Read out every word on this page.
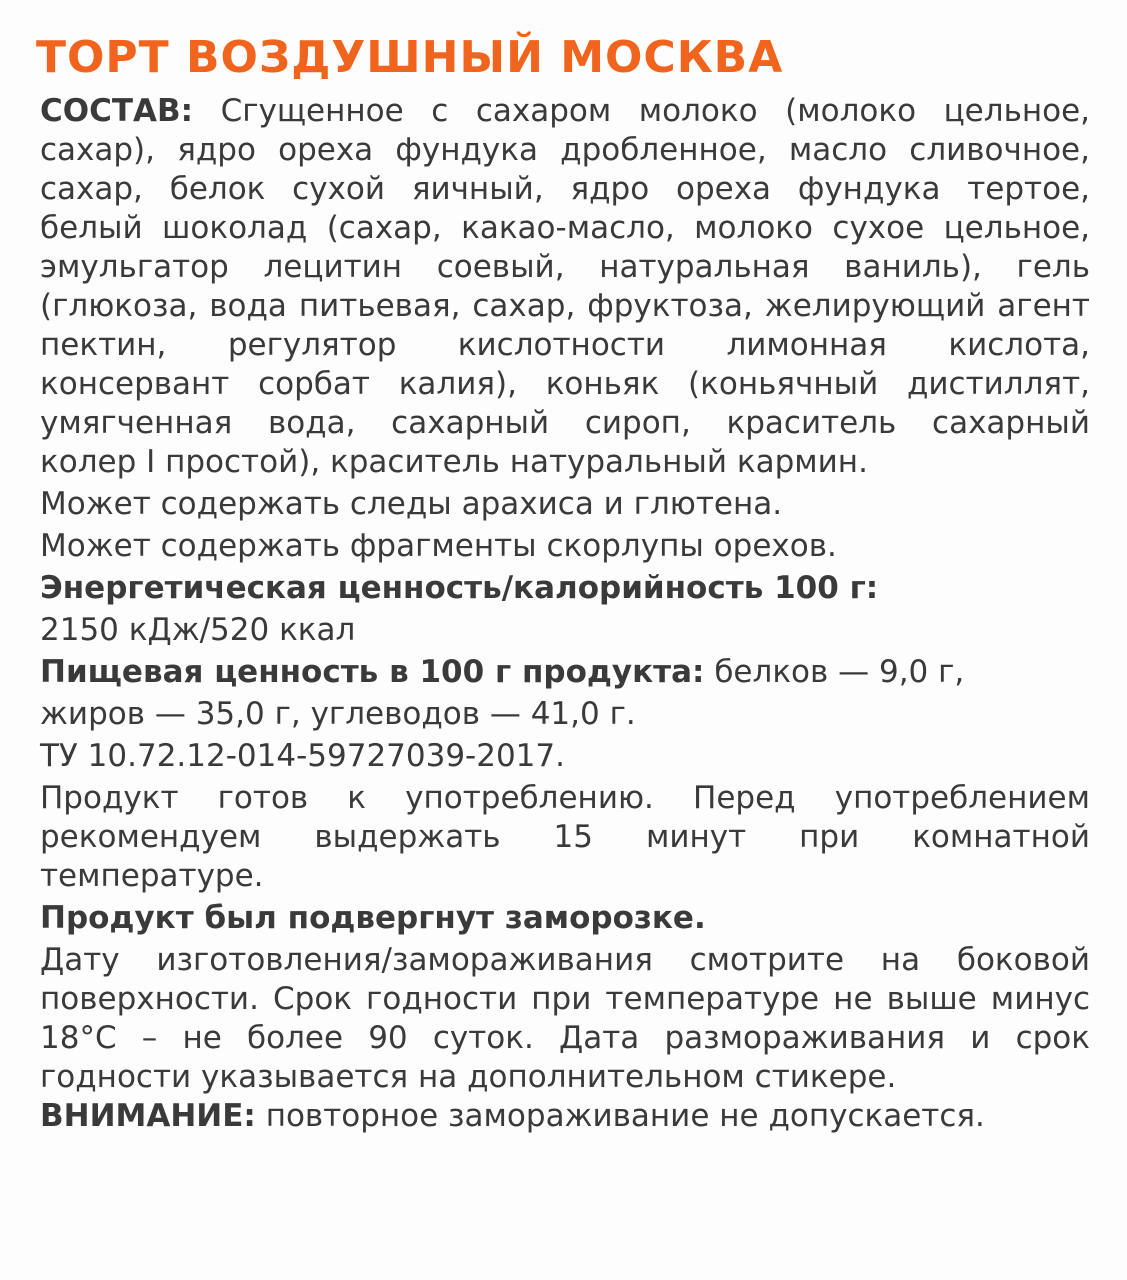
ТОРТ ВОЗДУШНЫЙ МОСКВА
СОСТАВ: Сгущенное с сахаром молоко (молоко цельное,
сахар), ядро ореха фундука дробленное, масло сливочное,
сахар, белок сухой яичный, ядро ореха фундука тертое,
белый шоколад (сахар, какао-масло, молоко сухое цельное,
эмульгатор лецитин соевый, натуральная ваниль), гель
(глюкоза, вода питьевая, сахар, фруктоза, желирующий агент
пектин, регулятор кислотности лимонная кислота,
консервант сорбат калия), коньяк (коньячный дистиллят,
умягченная вода, сахарный сироп, краситель сахарный
колер I простой), краситель натуральный кармин.
Может содержать следы арахиса и глютена.
Может содержать фрагменты скорлупы орехов.
Энергетическая ценность/калорийность 100 г:
2150 кДж/520 ккал
Пищевая ценность в 100 г продукта: белков — 9,0 г,
жиров — 35,0 г, углеводов — 41,0 г.
ТУ 10.72.12-014-59727039-2017.
Продукт готов к употреблению. Перед употреблением
рекомендуем выдержать 15 минут при комнатной
температуре.
Продукт был подвергнут заморозке.
Дату изготовления/замораживания смотрите на боковой
поверхности. Срок годности при температуре не выше минус
18°С – не более 90 суток. Дата размораживания и срок
годности указывается на дополнительном стикере.
ВНИМАНИЕ: повторное замораживание не допускается.
